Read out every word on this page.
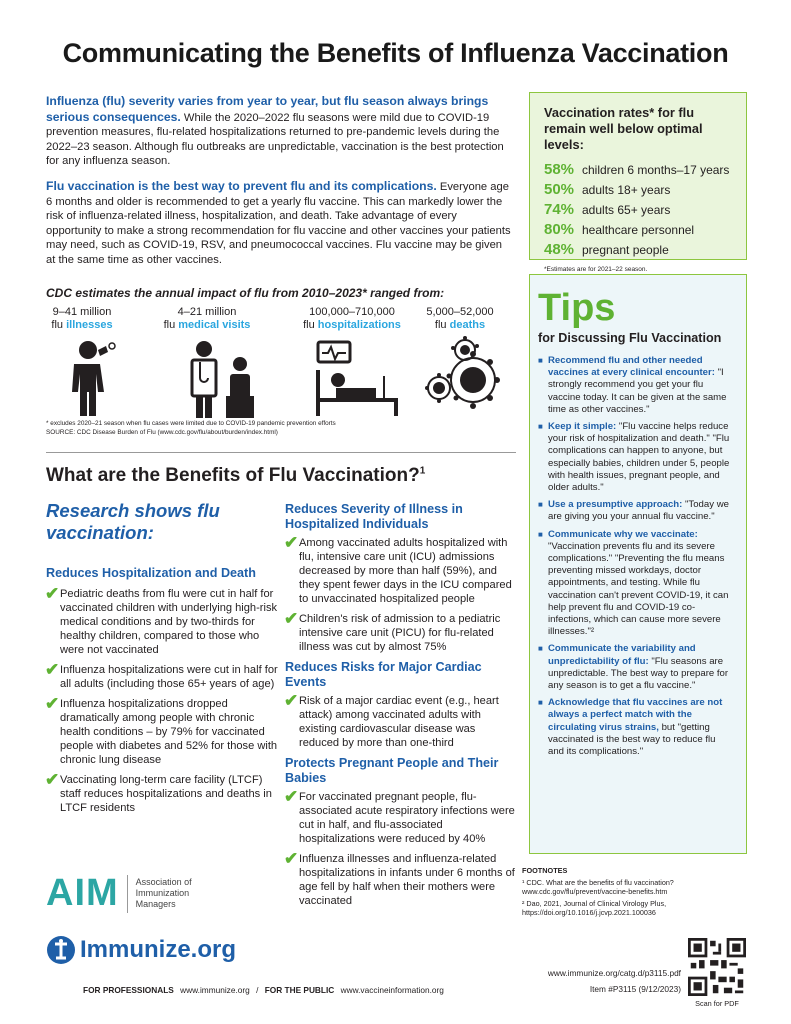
Communicating the Benefits of Influenza Vaccination

Influenza (flu) severity varies from year to year, but flu season always brings serious consequences. While the 2020–2022 flu seasons were mild due to COVID-19 prevention measures, flu-related hospitalizations returned to pre-pandemic levels during the 2022–23 season. Although flu outbreaks are unpredictable, vaccination is the best protection for any influenza season.

Flu vaccination is the best way to prevent flu and its complications. Everyone age 6 months and older is recommended to get a yearly flu vaccine. This can markedly lower the risk of influenza-related illness, hospitalization, and death. Take advantage of every opportunity to make a strong recommendation for flu vaccine and other vaccines your patients may need, such as COVID-19, RSV, and pneumococcal vaccines. Flu vaccine may be given at the same time as other vaccines.

Vaccination rates* for flu remain well below optimal levels:
58% children 6 months–17 years
50% adults 18+ years
74% adults 65+ years
80% healthcare personnel
48% pregnant people
*Estimates are for 2021–22 season.
CDC estimates the annual impact of flu from 2010–2023* ranged from:
9–41 million
flu illnesses
4–21 million
flu medical visits
100,000–710,000
flu hospitalizations
5,000–52,000
flu deaths
* excludes 2020–21 season when flu cases were limited due to COVID-19 pandemic prevention efforts
SOURCE: CDC Disease Burden of Flu (www.cdc.gov/flu/about/burden/index.html)
What are the Benefits of Flu Vaccination?$^1$
Research shows flu vaccination:
Reduces Hospitalization and Death
✔ Pediatric deaths from flu were cut in half for vaccinated children with underlying high-risk medical conditions and by two-thirds for healthy children, compared to those who were not vaccinated
✔ Influenza hospitalizations were cut in half for all adults (including those 65+ years of age)
✔ Influenza hospitalizations dropped dramatically among people with chronic health conditions – by 79% for vaccinated people with diabetes and 52% for those with chronic lung disease
✔ Vaccinating long-term care facility (LTCF) staff reduces hospitalizations and deaths in LTCF residents
Reduces Severity of Illness in Hospitalized Individuals
✔ Among vaccinated adults hospitalized with flu, intensive care unit (ICU) admissions decreased by more than half (59%), and they spent fewer days in the ICU compared to unvaccinated hospitalized people
✔ Children's risk of admission to a pediatric intensive care unit (PICU) for flu-related illness was cut by almost 75%
Reduces Risks for Major Cardiac Events
✔ Risk of a major cardiac event (e.g., heart attack) among vaccinated adults with existing cardiovascular disease was reduced by more than one-third
Protects Pregnant People and Their Babies
✔ For vaccinated pregnant people, flu-associated acute respiratory infections were cut in half, and flu-associated hospitalizations were reduced by 40%
✔ Influenza illnesses and influenza-related hospitalizations in infants under 6 months of age fell by half when their mothers were vaccinated
Tips
for Discussing Flu Vaccination
■ Recommend flu and other needed vaccines at every clinical encounter: "I strongly recommend you get your flu vaccine today. It can be given at the same time as other vaccines."
■ Keep it simple: "Flu vaccine helps reduce your risk of hospitalization and death." "Flu complications can happen to anyone, but especially babies, children under 5, people with health issues, pregnant people, and older adults."
■ Use a presumptive approach: "Today we are giving you your annual flu vaccine."
■ Communicate why we vaccinate: "Vaccination prevents flu and its severe complications." "Preventing the flu means preventing missed workdays, doctor appointments, and testing. While flu vaccination can't prevent COVID-19, it can help prevent flu and COVID-19 co-infections, which can cause more severe illnesses."²
■ Communicate the variability and unpredictability of flu: "Flu seasons are unpredictable. The best way to prepare for any season is to get a flu vaccine."
■ Acknowledge that flu vaccines are not always a perfect match with the circulating virus strains, but "getting vaccinated is the best way to reduce flu and its complications."
FOOTNOTES
¹ CDC. What are the benefits of flu vaccination? www.cdc.gov/flu/prevent/vaccine-benefits.htm
² Dao, 2021, Journal of Clinical Virology Plus, https://doi.org/10.1016/j.jcvp.2021.100036
AIM Association of Immunization Managers
Immunize.org
FOR PROFESSIONALS www.immunize.org / FOR THE PUBLIC www.vaccineinformation.org
www.immunize.org/catg.d/p3115.pdf
Item #P3115 (9/12/2023)
Scan for PDF
